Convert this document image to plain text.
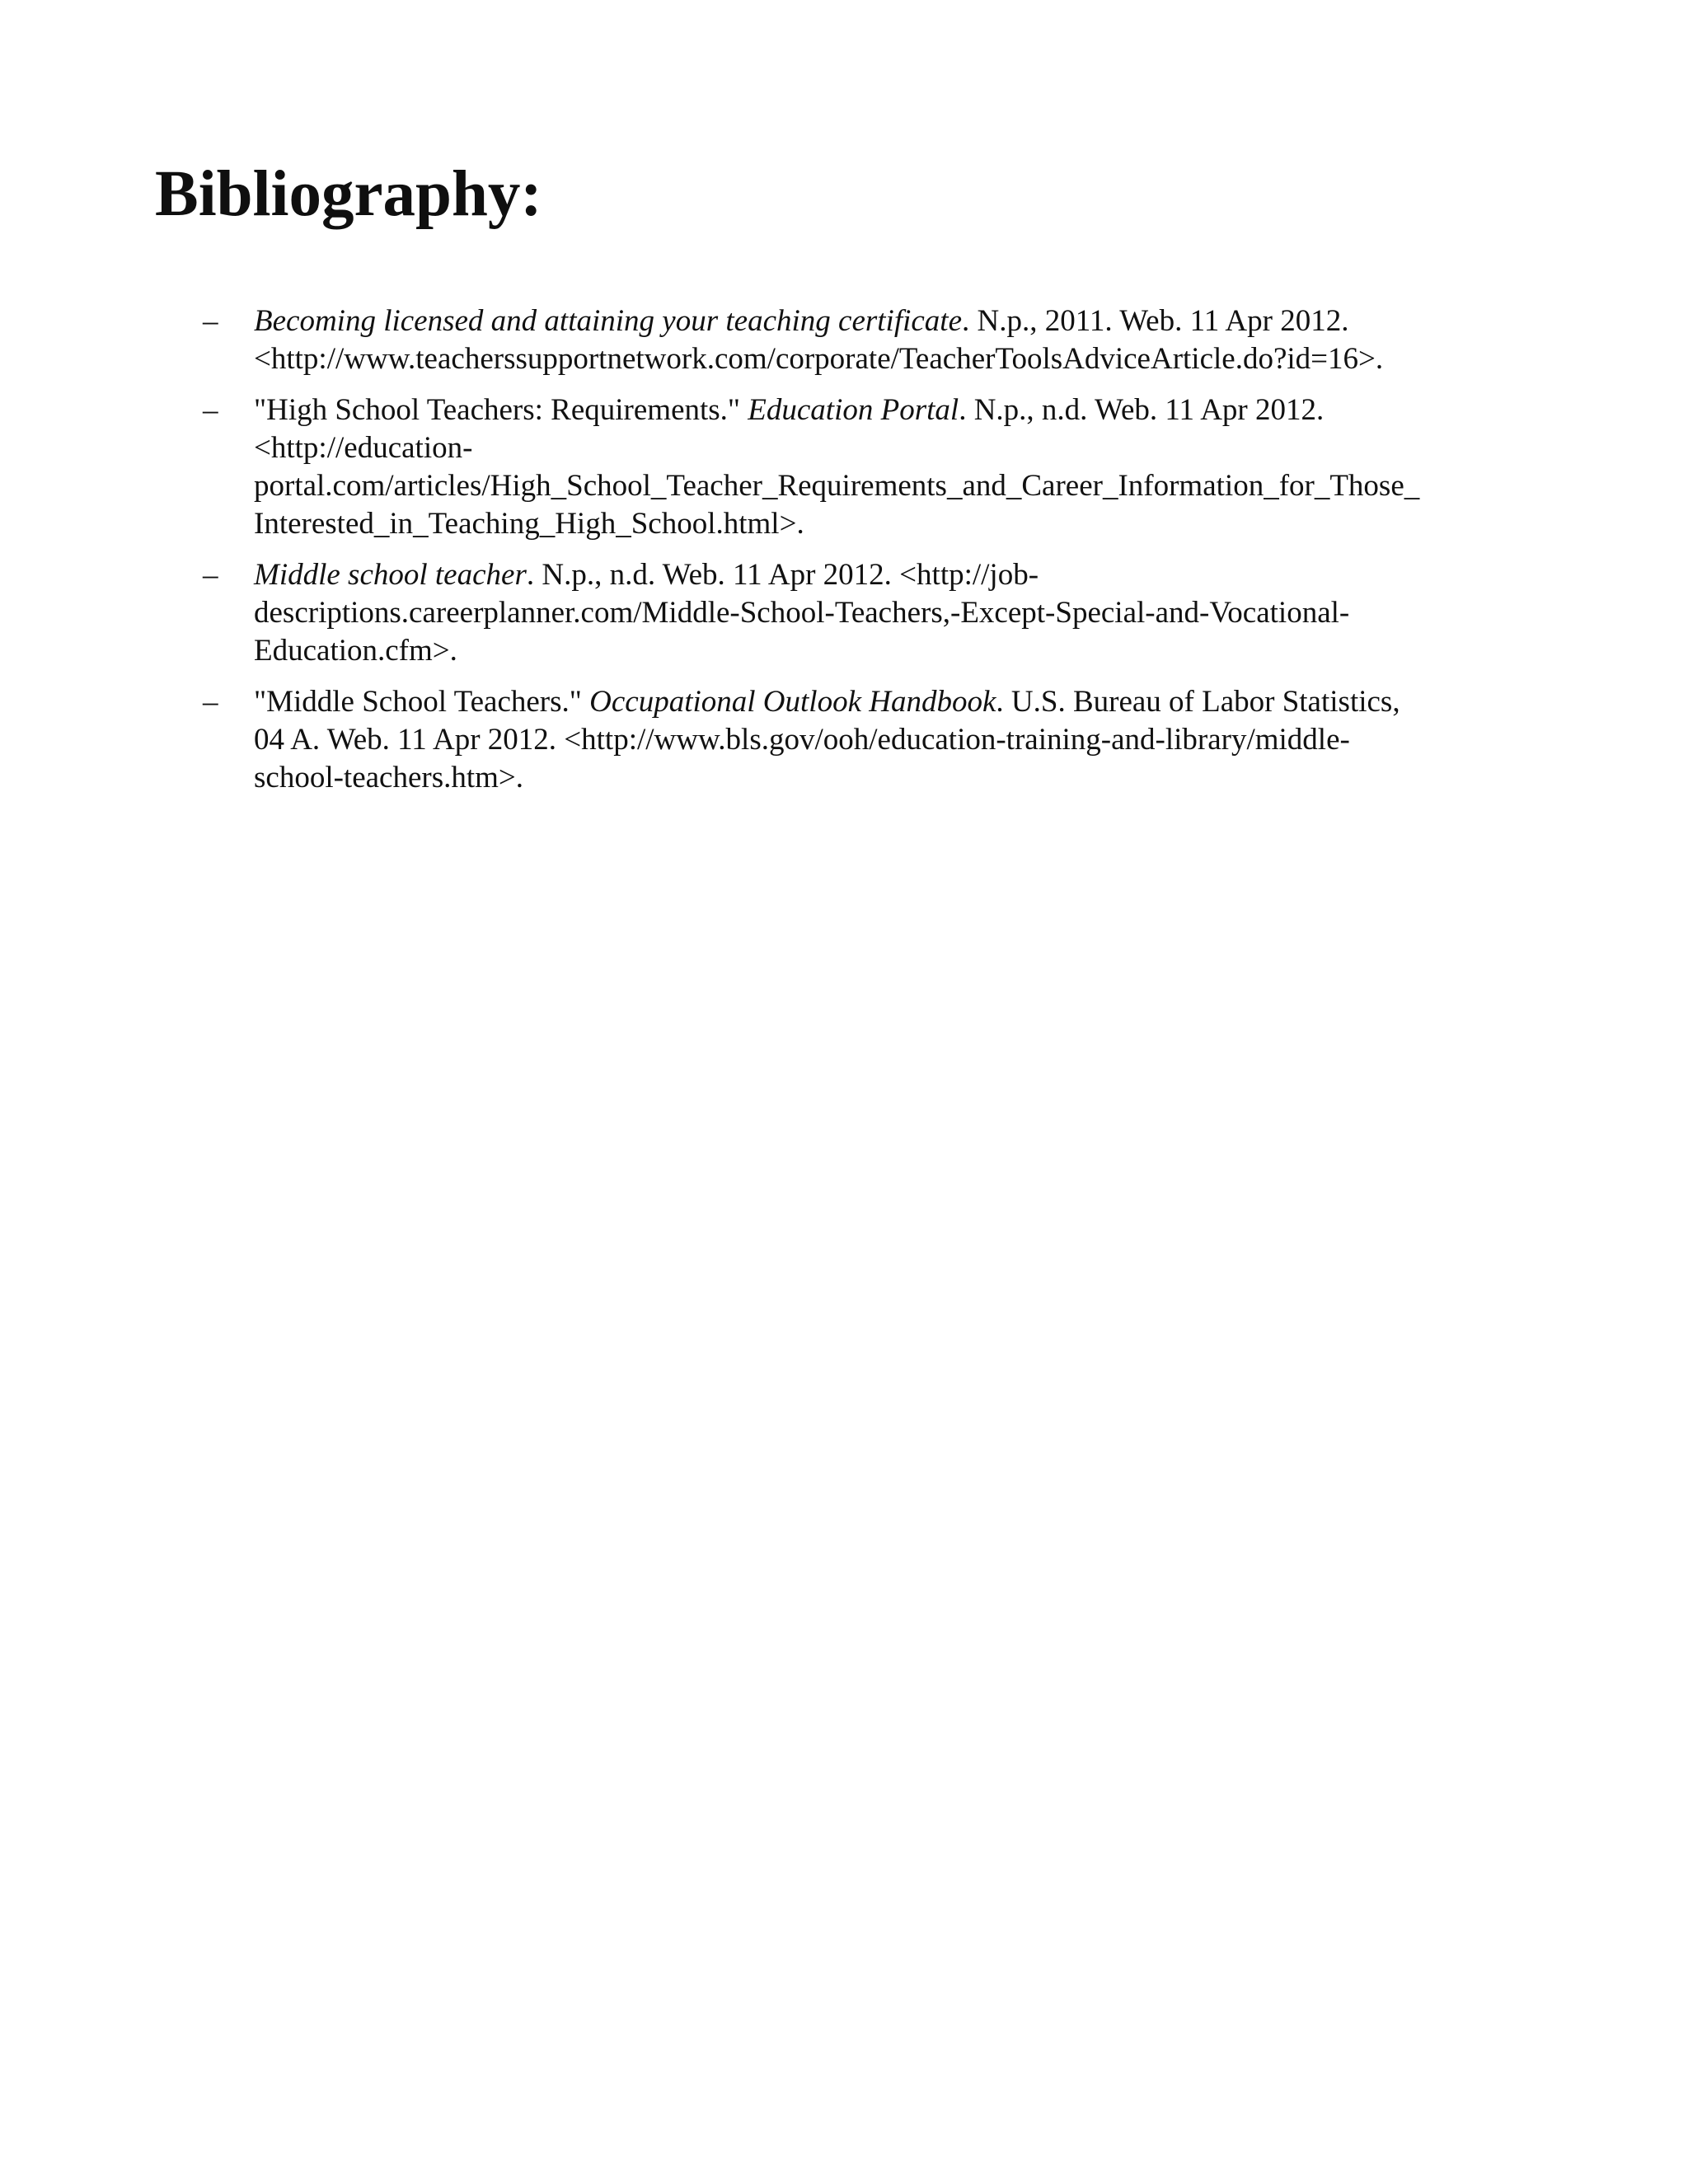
Bibliography:
–	Becoming licensed and attaining your teaching certificate. N.p., 2011. Web. 11 Apr 2012.
<http://www.teacherssupportnetwork.com/corporate/TeacherToolsAdviceArticle.do?id=16>.
–	"High School Teachers: Requirements." Education Portal. N.p., n.d. Web. 11 Apr 2012.
<http://education-
portal.com/articles/High_School_Teacher_Requirements_and_Career_Information_for_Those_
Interested_in_Teaching_High_School.html>.
–	Middle school teacher. N.p., n.d. Web. 11 Apr 2012. <http://job-
descriptions.careerplanner.com/Middle-School-Teachers,-Except-Special-and-Vocational-
Education.cfm>.
–	"Middle School Teachers." Occupational Outlook Handbook. U.S. Bureau of Labor Statistics,
04 A. Web. 11 Apr 2012. <http://www.bls.gov/ooh/education-training-and-library/middle-
school-teachers.htm>.
